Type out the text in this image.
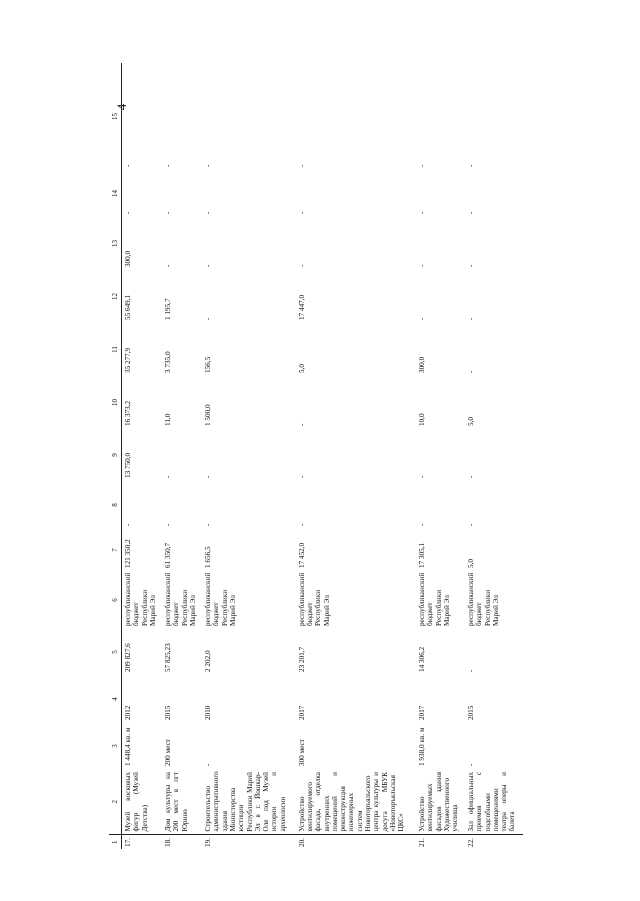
4
1	2	3	4	5	6	7	8	9	10	11	12	13	14	15
17.	Музей восковых фигур (Музей Детства)	1 448,4 кв. м	2012	209 827,6	республиканский бюджет Республики Марий Эл	121 350,2	-	13 750,0	16 373,2	35 277,9	55 649,1	300,0	-	-
18.	Дом культуры на 200 мест в пгт Юрино	200 мест	2015	57 825,23	республиканский бюджет Республики Марий Эл	61 350,7	-	-	11,0	3 735,0	1 195,7	-	-	-
19.	Строительство административного здания Министерства юстиции Республики Марий Эл в г. Йошкар-Оле под Музей истории и археологии	-	2010	2 202,0	республиканский бюджет Республики Марий Эл	1 656,5	-	-	1 500,0	156,5	-	-	-	-
20.	Устройство вентилируемого фасада, отделка внутренних помещений и реконструкция инженерных систем Новоторъяльского центра культуры и досуга МБУК «Новоторъяльская ЦКС»	300 мест	2017	23 201,7	республиканский бюджет Республики Марий Эл	17 452,0	-	-	-	5,0	17 447,0	-	-	-
21.	Устройство вентилируемых фасадов здания Художественного училища	1 938,0 кв. м	2017	14 306,2	республиканский бюджет Республики Марий Эл	17 305,1	-	-	10,0	300,0	-	-	-	-
22.	Зал официальных приемов с подсобными помещениями театра оперы и балета	-	2015	-	республиканский бюджет Республики Марий Эл	5,0	-	-	5,0	-	-	-	-	-
